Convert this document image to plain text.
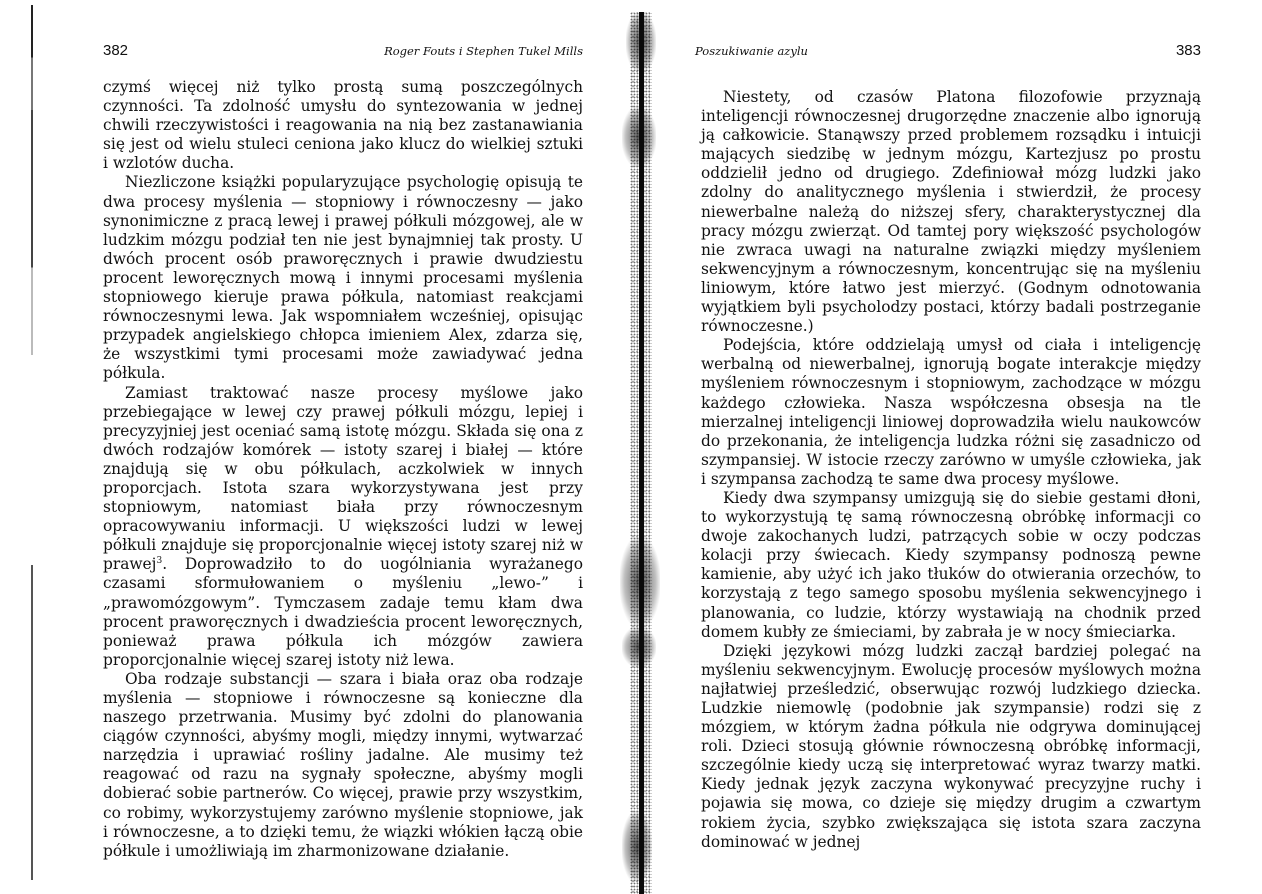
382	Roger Fouts i Stephen Tukel Mills

czymś więcej niż tylko prostą sumą poszczególnych czynności. Ta zdolność umysłu do syntezowania w jednej chwili rzeczywistości i reagowania na nią bez zastanawiania się jest od wielu stuleci ceniona jako klucz do wielkiej sztuki i wzlotów ducha.

Niezliczone książki popularyzujące psychologię opisują te dwa procesy myślenia — stopniowy i równoczesny — jako synonimiczne z pracą lewej i prawej półkuli mózgowej, ale w ludzkim mózgu podział ten nie jest bynajmniej tak prosty. U dwóch procent osób praworęcznych i prawie dwudziestu procent leworęcznych mową i innymi procesami myślenia stopniowego kieruje prawa półkula, natomiast reakcjami równoczesnymi lewa. Jak wspomniałem wcześniej, opisując przypadek angielskiego chłopca imieniem Alex, zdarza się, że wszystkimi tymi procesami może zawiadywać jedna półkula.

Zamiast traktować nasze procesy myślowe jako przebiegające w lewej czy prawej półkuli mózgu, lepiej i precyzyjniej jest oceniać samą istotę mózgu. Składa się ona z dwóch rodzajów komórek — istoty szarej i białej — które znajdują się w obu półkulach, aczkolwiek w innych proporcjach. Istota szara wykorzystywana jest przy stopniowym, natomiast biała przy równoczesnym opracowywaniu informacji. U większości ludzi w lewej półkuli znajduje się proporcjonalnie więcej istoty szarej niż w prawej$^3$. Doprowadziło to do uogólniania wyrażanego czasami sformułowaniem o myśleniu „lewo-” i „prawomózgowym”. Tymczasem zadaje temu kłam dwa procent praworęcznych i dwadzieścia procent leworęcznych, ponieważ prawa półkula ich mózgów zawiera proporcjonalnie więcej szarej istoty niż lewa.

Oba rodzaje substancji — szara i biała oraz oba rodzaje myślenia — stopniowe i równoczesne są konieczne dla naszego przetrwania. Musimy być zdolni do planowania ciągów czynności, abyśmy mogli, między innymi, wytwarzać narzędzia i uprawiać rośliny jadalne. Ale musimy też reagować od razu na sygnały społeczne, abyśmy mogli dobierać sobie partnerów. Co więcej, prawie przy wszystkim, co robimy, wykorzystujemy zarówno myślenie stopniowe, jak i równoczesne, a to dzięki temu, że wiązki włókien łączą obie półkule i umożliwiają im zharmonizowane działanie.

Poszukiwanie azylu	383

Niestety, od czasów Platona filozofowie przyznają inteligencji równoczesnej drugorzędne znaczenie albo ignorują ją całkowicie. Stanąwszy przed problemem rozsądku i intuicji mających siedzibę w jednym mózgu, Kartezjusz po prostu oddzielił jedno od drugiego. Zdefiniował mózg ludzki jako zdolny do analitycznego myślenia i stwierdził, że procesy niewerbalne należą do niższej sfery, charakterystycznej dla pracy mózgu zwierząt. Od tamtej pory większość psychologów nie zwraca uwagi na naturalne związki między myśleniem sekwencyjnym a równoczesnym, koncentrując się na myśleniu liniowym, które łatwo jest mierzyć. (Godnym odnotowania wyjątkiem byli psycholodzy postaci, którzy badali postrzeganie równoczesne.)

Podejścia, które oddzielają umysł od ciała i inteligencję werbalną od niewerbalnej, ignorują bogate interakcje między myśleniem równoczesnym i stopniowym, zachodzące w mózgu każdego człowieka. Nasza współczesna obsesja na tle mierzalnej inteligencji liniowej doprowadziła wielu naukowców do przekonania, że inteligencja ludzka różni się zasadniczo od szympansiej. W istocie rzeczy zarówno w umyśle człowieka, jak i szympansa zachodzą te same dwa procesy myślowe.

Kiedy dwa szympansy umizgują się do siebie gestami dłoni, to wykorzystują tę samą równoczesną obróbkę informacji co dwoje zakochanych ludzi, patrzących sobie w oczy podczas kolacji przy świecach. Kiedy szympansy podnoszą pewne kamienie, aby użyć ich jako tłuków do otwierania orzechów, to korzystają z tego samego sposobu myślenia sekwencyjnego i planowania, co ludzie, którzy wystawiają na chodnik przed domem kubły ze śmieciami, by zabrała je w nocy śmieciarka.

Dzięki językowi mózg ludzki zaczął bardziej polegać na myśleniu sekwencyjnym. Ewolucję procesów myślowych można najłatwiej prześledzić, obserwując rozwój ludzkiego dziecka. Ludzkie niemowlę (podobnie jak szympansie) rodzi się z mózgiem, w którym żadna półkula nie odgrywa dominującej roli. Dzieci stosują głównie równoczesną obróbkę informacji, szczególnie kiedy uczą się interpretować wyraz twarzy matki. Kiedy jednak język zaczyna wykonywać precyzyjne ruchy i pojawia się mowa, co dzieje się między drugim a czwartym rokiem życia, szybko zwiększająca się istota szara zaczyna dominować w jednej
